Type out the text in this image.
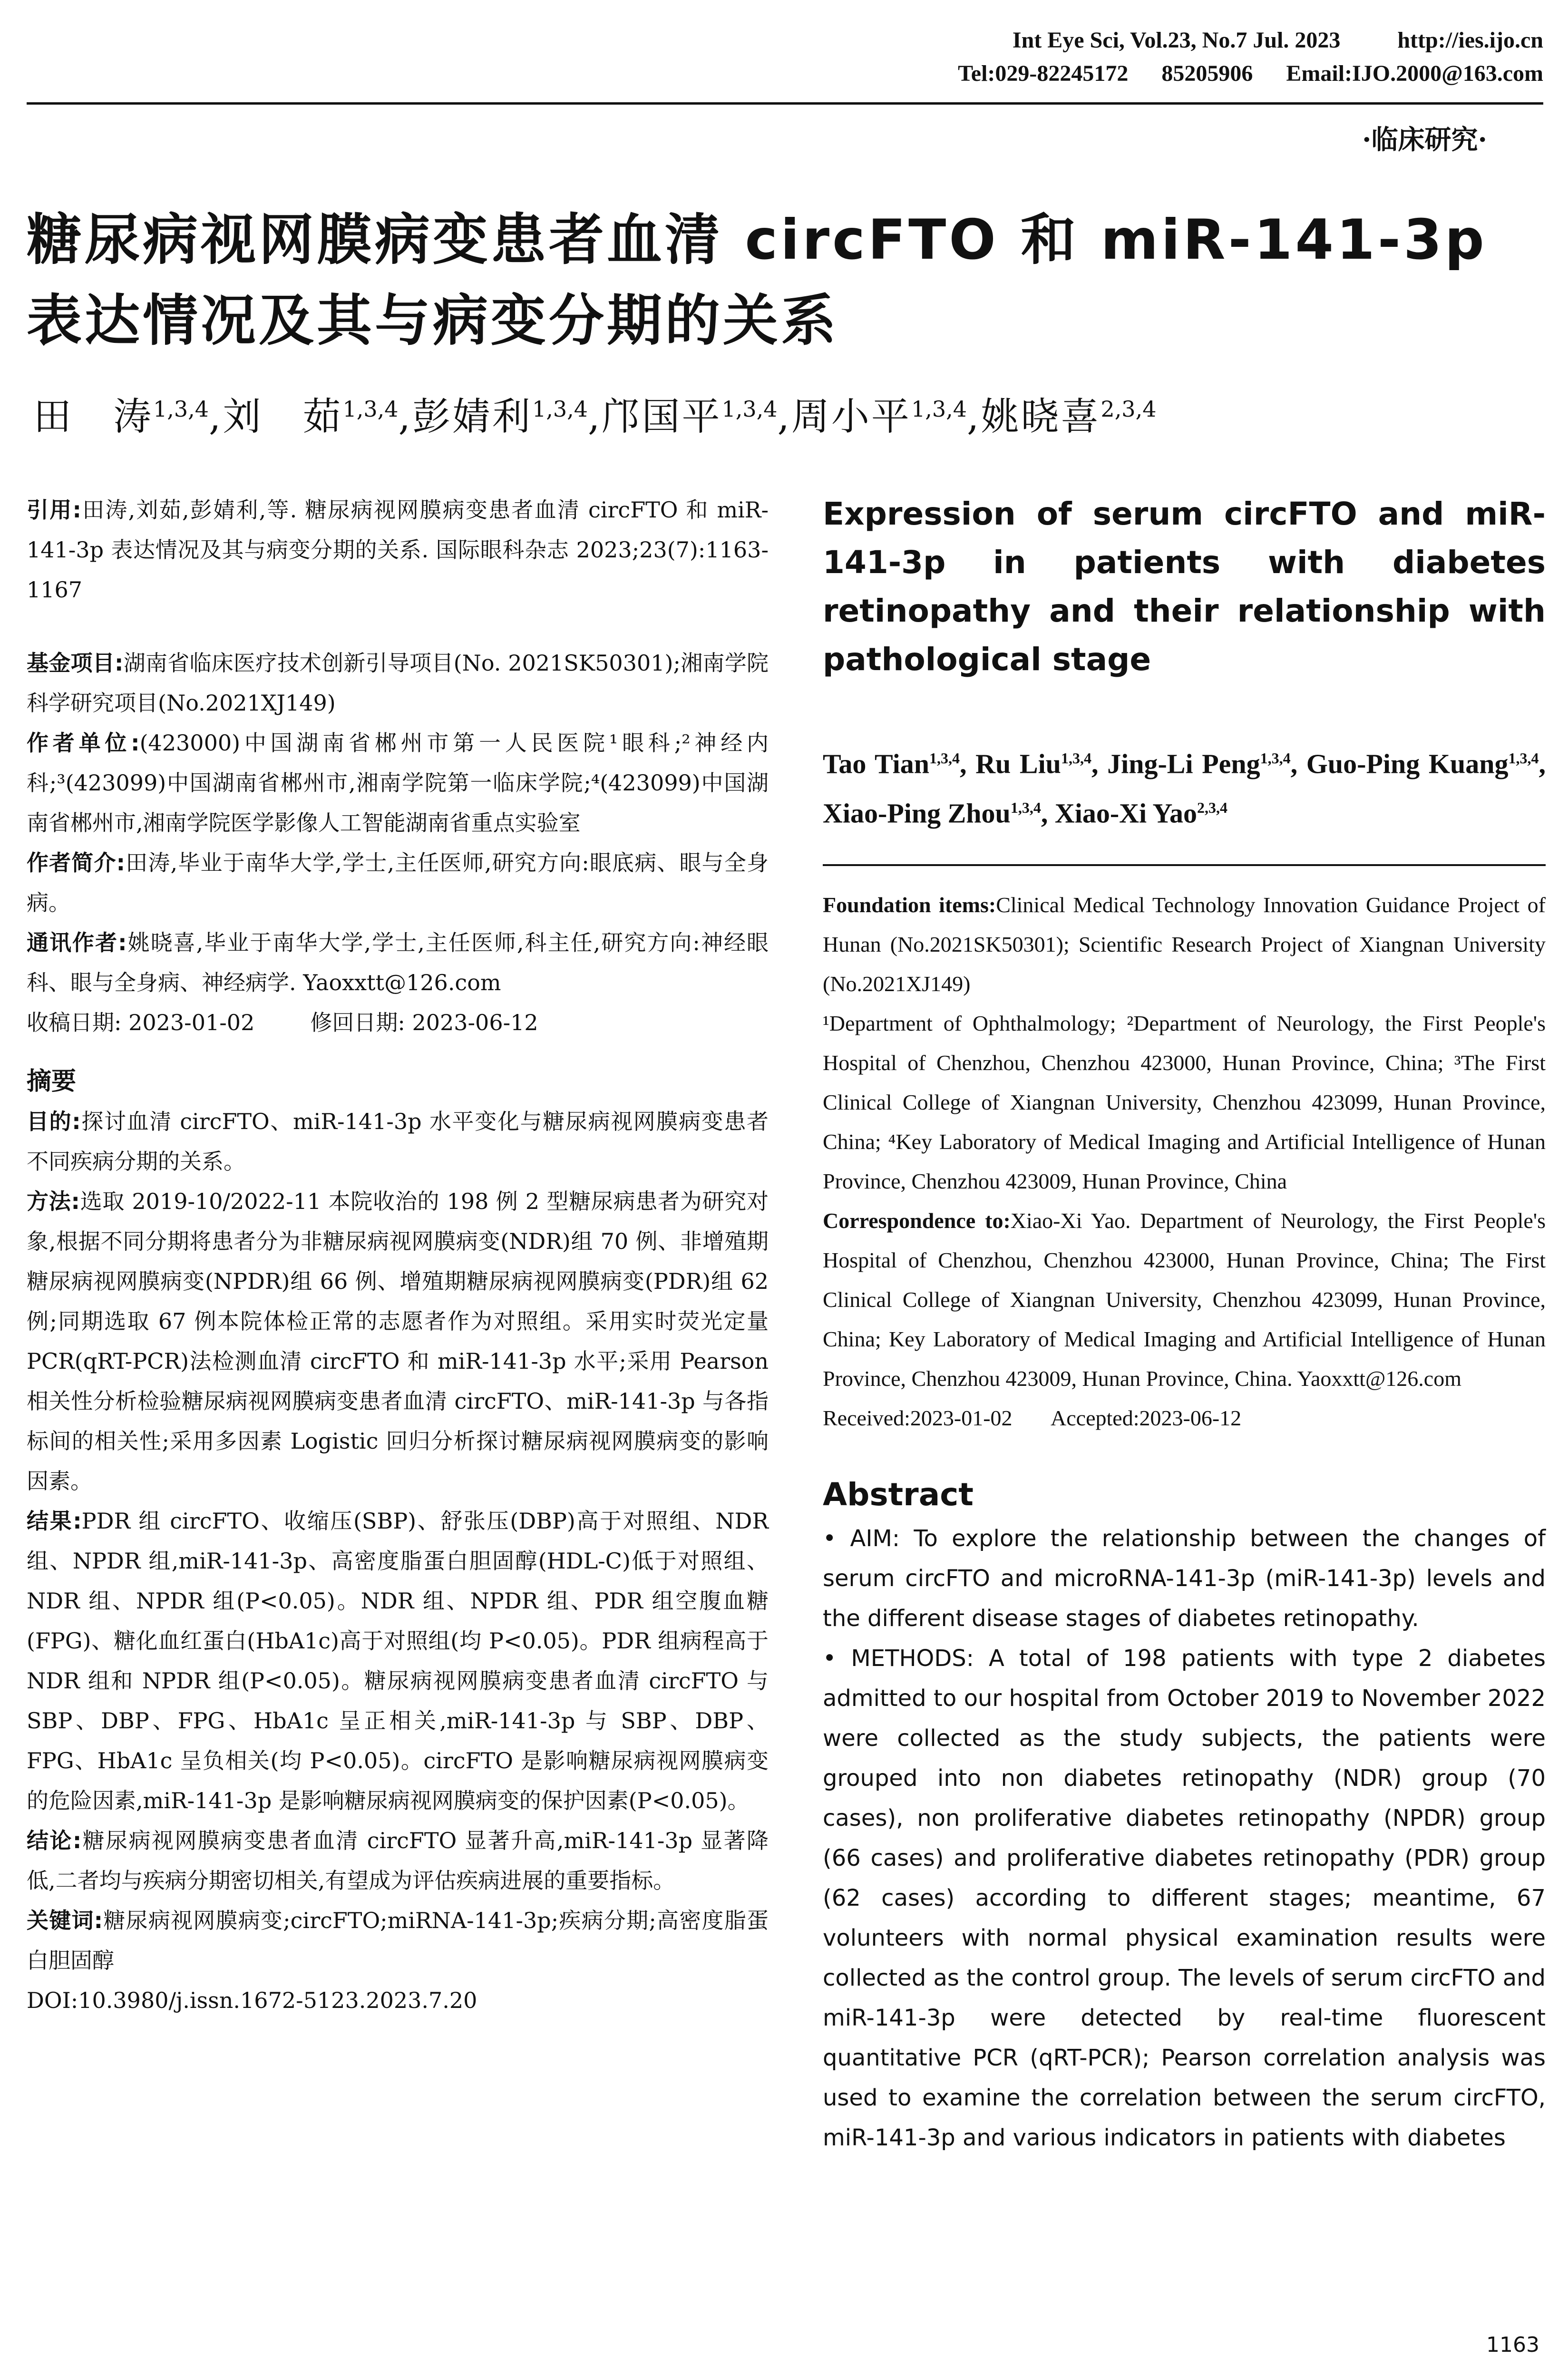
Int Eye Sci, Vol.23, No.7 Jul. 2023	http://ies.ijo.cn
Tel:029-82245172 85205906 Email:IJO.2000@163.com
·临床研究·
糖尿病视网膜病变患者血清 circFTO 和 miR-141-3p 表达情况及其与病变分期的关系
田　涛$^{1,3,4}$,刘　茹$^{1,3,4}$,彭婧利$^{1,3,4}$,邝国平$^{1,3,4}$,周小平$^{1,3,4}$,姚晓喜$^{2,3,4}$

引用:田涛,刘茹,彭婧利,等. 糖尿病视网膜病变患者血清 circFTO 和 miR-141-3p 表达情况及其与病变分期的关系. 国际眼科杂志 2023;23(7):1163-1167

基金项目:湖南省临床医疗技术创新引导项目(No. 2021SK50301);湘南学院科学研究项目(No.2021XJ149)

作者单位:(423000)中国湖南省郴州市第一人民医院¹眼科;²神经内科;³(423099)中国湖南省郴州市,湘南学院第一临床学院;⁴(423099)中国湖南省郴州市,湘南学院医学影像人工智能湖南省重点实验室

作者简介:田涛,毕业于南华大学,学士,主任医师,研究方向:眼底病、眼与全身病。

通讯作者:姚晓喜,毕业于南华大学,学士,主任医师,科主任,研究方向:神经眼科、眼与全身病、神经病学. Yaoxxtt@126.com

收稿日期: 2023-01-02	修回日期: 2023-06-12

摘要

目的:探讨血清 circFTO、miR-141-3p 水平变化与糖尿病视网膜病变患者不同疾病分期的关系。

方法:选取 2019-10/2022-11 本院收治的 198 例 2 型糖尿病患者为研究对象,根据不同分期将患者分为非糖尿病视网膜病变(NDR)组 70 例、非增殖期糖尿病视网膜病变(NPDR)组 66 例、增殖期糖尿病视网膜病变(PDR)组 62 例;同期选取 67 例本院体检正常的志愿者作为对照组。采用实时荧光定量 PCR(qRT-PCR)法检测血清 circFTO 和 miR-141-3p 水平;采用 Pearson 相关性分析检验糖尿病视网膜病变患者血清 circFTO、miR-141-3p 与各指标间的相关性;采用多因素 Logistic 回归分析探讨糖尿病视网膜病变的影响因素。

结果:PDR 组 circFTO、收缩压(SBP)、舒张压(DBP)高于对照组、NDR 组、NPDR 组,miR-141-3p、高密度脂蛋白胆固醇(HDL-C)低于对照组、NDR 组、NPDR 组(P<0.05)。NDR 组、NPDR 组、PDR 组空腹血糖(FPG)、糖化血红蛋白(HbA1c)高于对照组(均 P<0.05)。PDR 组病程高于 NDR 组和 NPDR 组(P<0.05)。糖尿病视网膜病变患者血清 circFTO 与 SBP、DBP、FPG、HbA1c 呈正相关,miR-141-3p 与 SBP、DBP、FPG、HbA1c 呈负相关(均 P<0.05)。circFTO 是影响糖尿病视网膜病变的危险因素,miR-141-3p 是影响糖尿病视网膜病变的保护因素(P<0.05)。

结论:糖尿病视网膜病变患者血清 circFTO 显著升高,miR-141-3p 显著降低,二者均与疾病分期密切相关,有望成为评估疾病进展的重要指标。

关键词:糖尿病视网膜病变;circFTO;miRNA-141-3p;疾病分期;高密度脂蛋白胆固醇

DOI:10.3980/j.issn.1672-5123.2023.7.20

Expression of serum circFTO and miR-141-3p in patients with diabetes retinopathy and their relationship with pathological stage

Tao Tian$^{1,3,4}$, Ru Liu$^{1,3,4}$, Jing-Li Peng$^{1,3,4}$, Guo-Ping Kuang$^{1,3,4}$, Xiao-Ping Zhou$^{1,3,4}$, Xiao-Xi Yao$^{2,3,4}$
Foundation items:Clinical Medical Technology Innovation Guidance Project of Hunan (No.2021SK50301); Scientific Research Project of Xiangnan University (No.2021XJ149)
¹Department of Ophthalmology; ²Department of Neurology, the First People's Hospital of Chenzhou, Chenzhou 423000, Hunan Province, China; ³The First Clinical College of Xiangnan University, Chenzhou 423099, Hunan Province, China; ⁴Key Laboratory of Medical Imaging and Artificial Intelligence of Hunan Province, Chenzhou 423009, Hunan Province, China
Correspondence to:Xiao-Xi Yao. Department of Neurology, the First People's Hospital of Chenzhou, Chenzhou 423000, Hunan Province, China; The First Clinical College of Xiangnan University, Chenzhou 423099, Hunan Province, China; Key Laboratory of Medical Imaging and Artificial Intelligence of Hunan Province, Chenzhou 423009, Hunan Province, China. Yaoxxtt@126.com
Received:2023-01-02 Accepted:2023-06-12
Abstract
• AIM: To explore the relationship between the changes of serum circFTO and microRNA-141-3p (miR-141-3p) levels and the different disease stages of diabetes retinopathy.
• METHODS: A total of 198 patients with type 2 diabetes admitted to our hospital from October 2019 to November 2022 were collected as the study subjects, the patients were grouped into non diabetes retinopathy (NDR) group (70 cases), non proliferative diabetes retinopathy (NPDR) group (66 cases) and proliferative diabetes retinopathy (PDR) group (62 cases) according to different stages; meantime, 67 volunteers with normal physical examination results were collected as the control group. The levels of serum circFTO and miR-141-3p were detected by real-time fluorescent quantitative PCR (qRT-PCR); Pearson correlation analysis was used to examine the correlation between the serum circFTO, miR-141-3p and various indicators in patients with diabetes
1163
